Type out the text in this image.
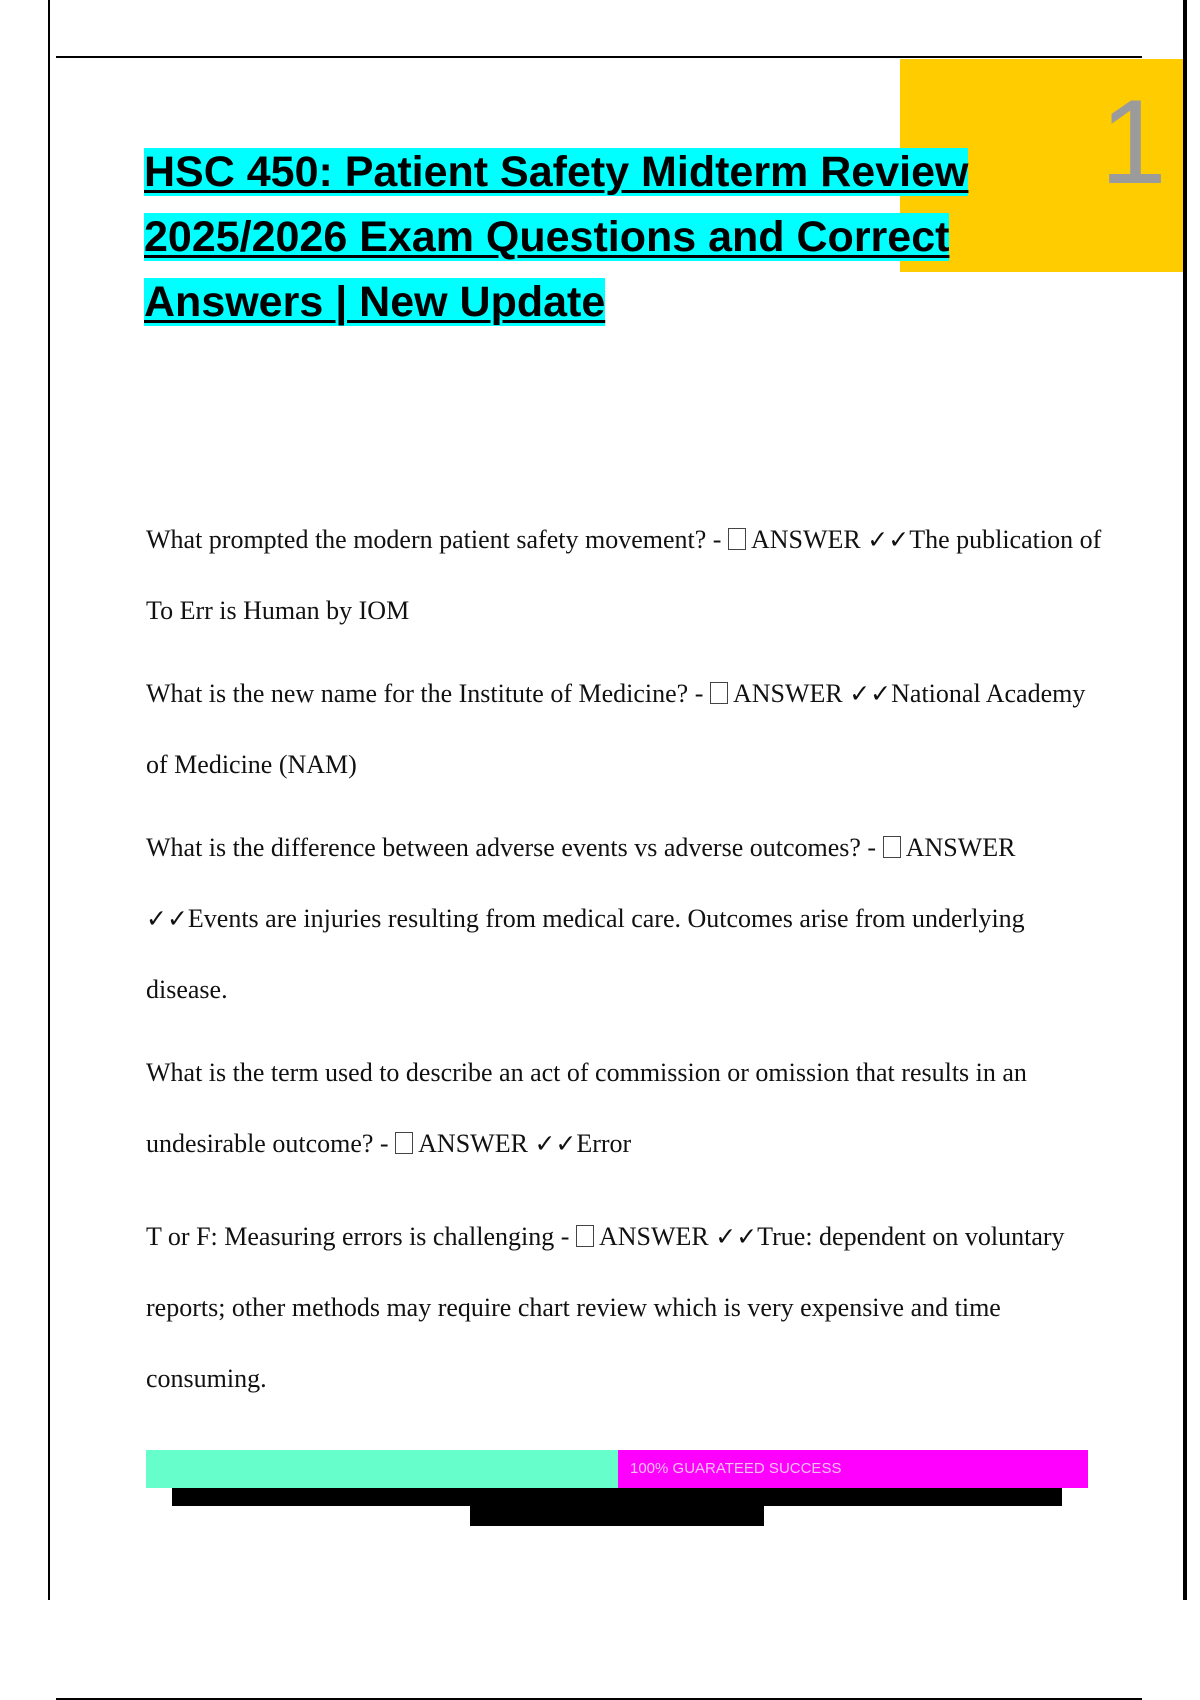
1
HSC 450: Patient Safety Midterm Review
2025/2026 Exam Questions and Correct
Answers | New Update

What prompted the modern patient safety movement? -  ANSWER ✓✓The publication of To Err is Human by IOM

What is the new name for the Institute of Medicine? -  ANSWER ✓✓National Academy of Medicine (NAM)

What is the difference between adverse events vs adverse outcomes? -  ANSWER ✓✓Events are injuries resulting from medical care. Outcomes arise from underlying disease.

What is the term used to describe an act of commission or omission that results in an undesirable outcome? -  ANSWER ✓✓Error

T or F: Measuring errors is challenging -  ANSWER ✓✓True: dependent on voluntary reports; other methods may require chart review which is very expensive and time consuming.

100% GUARATEED SUCCESS
